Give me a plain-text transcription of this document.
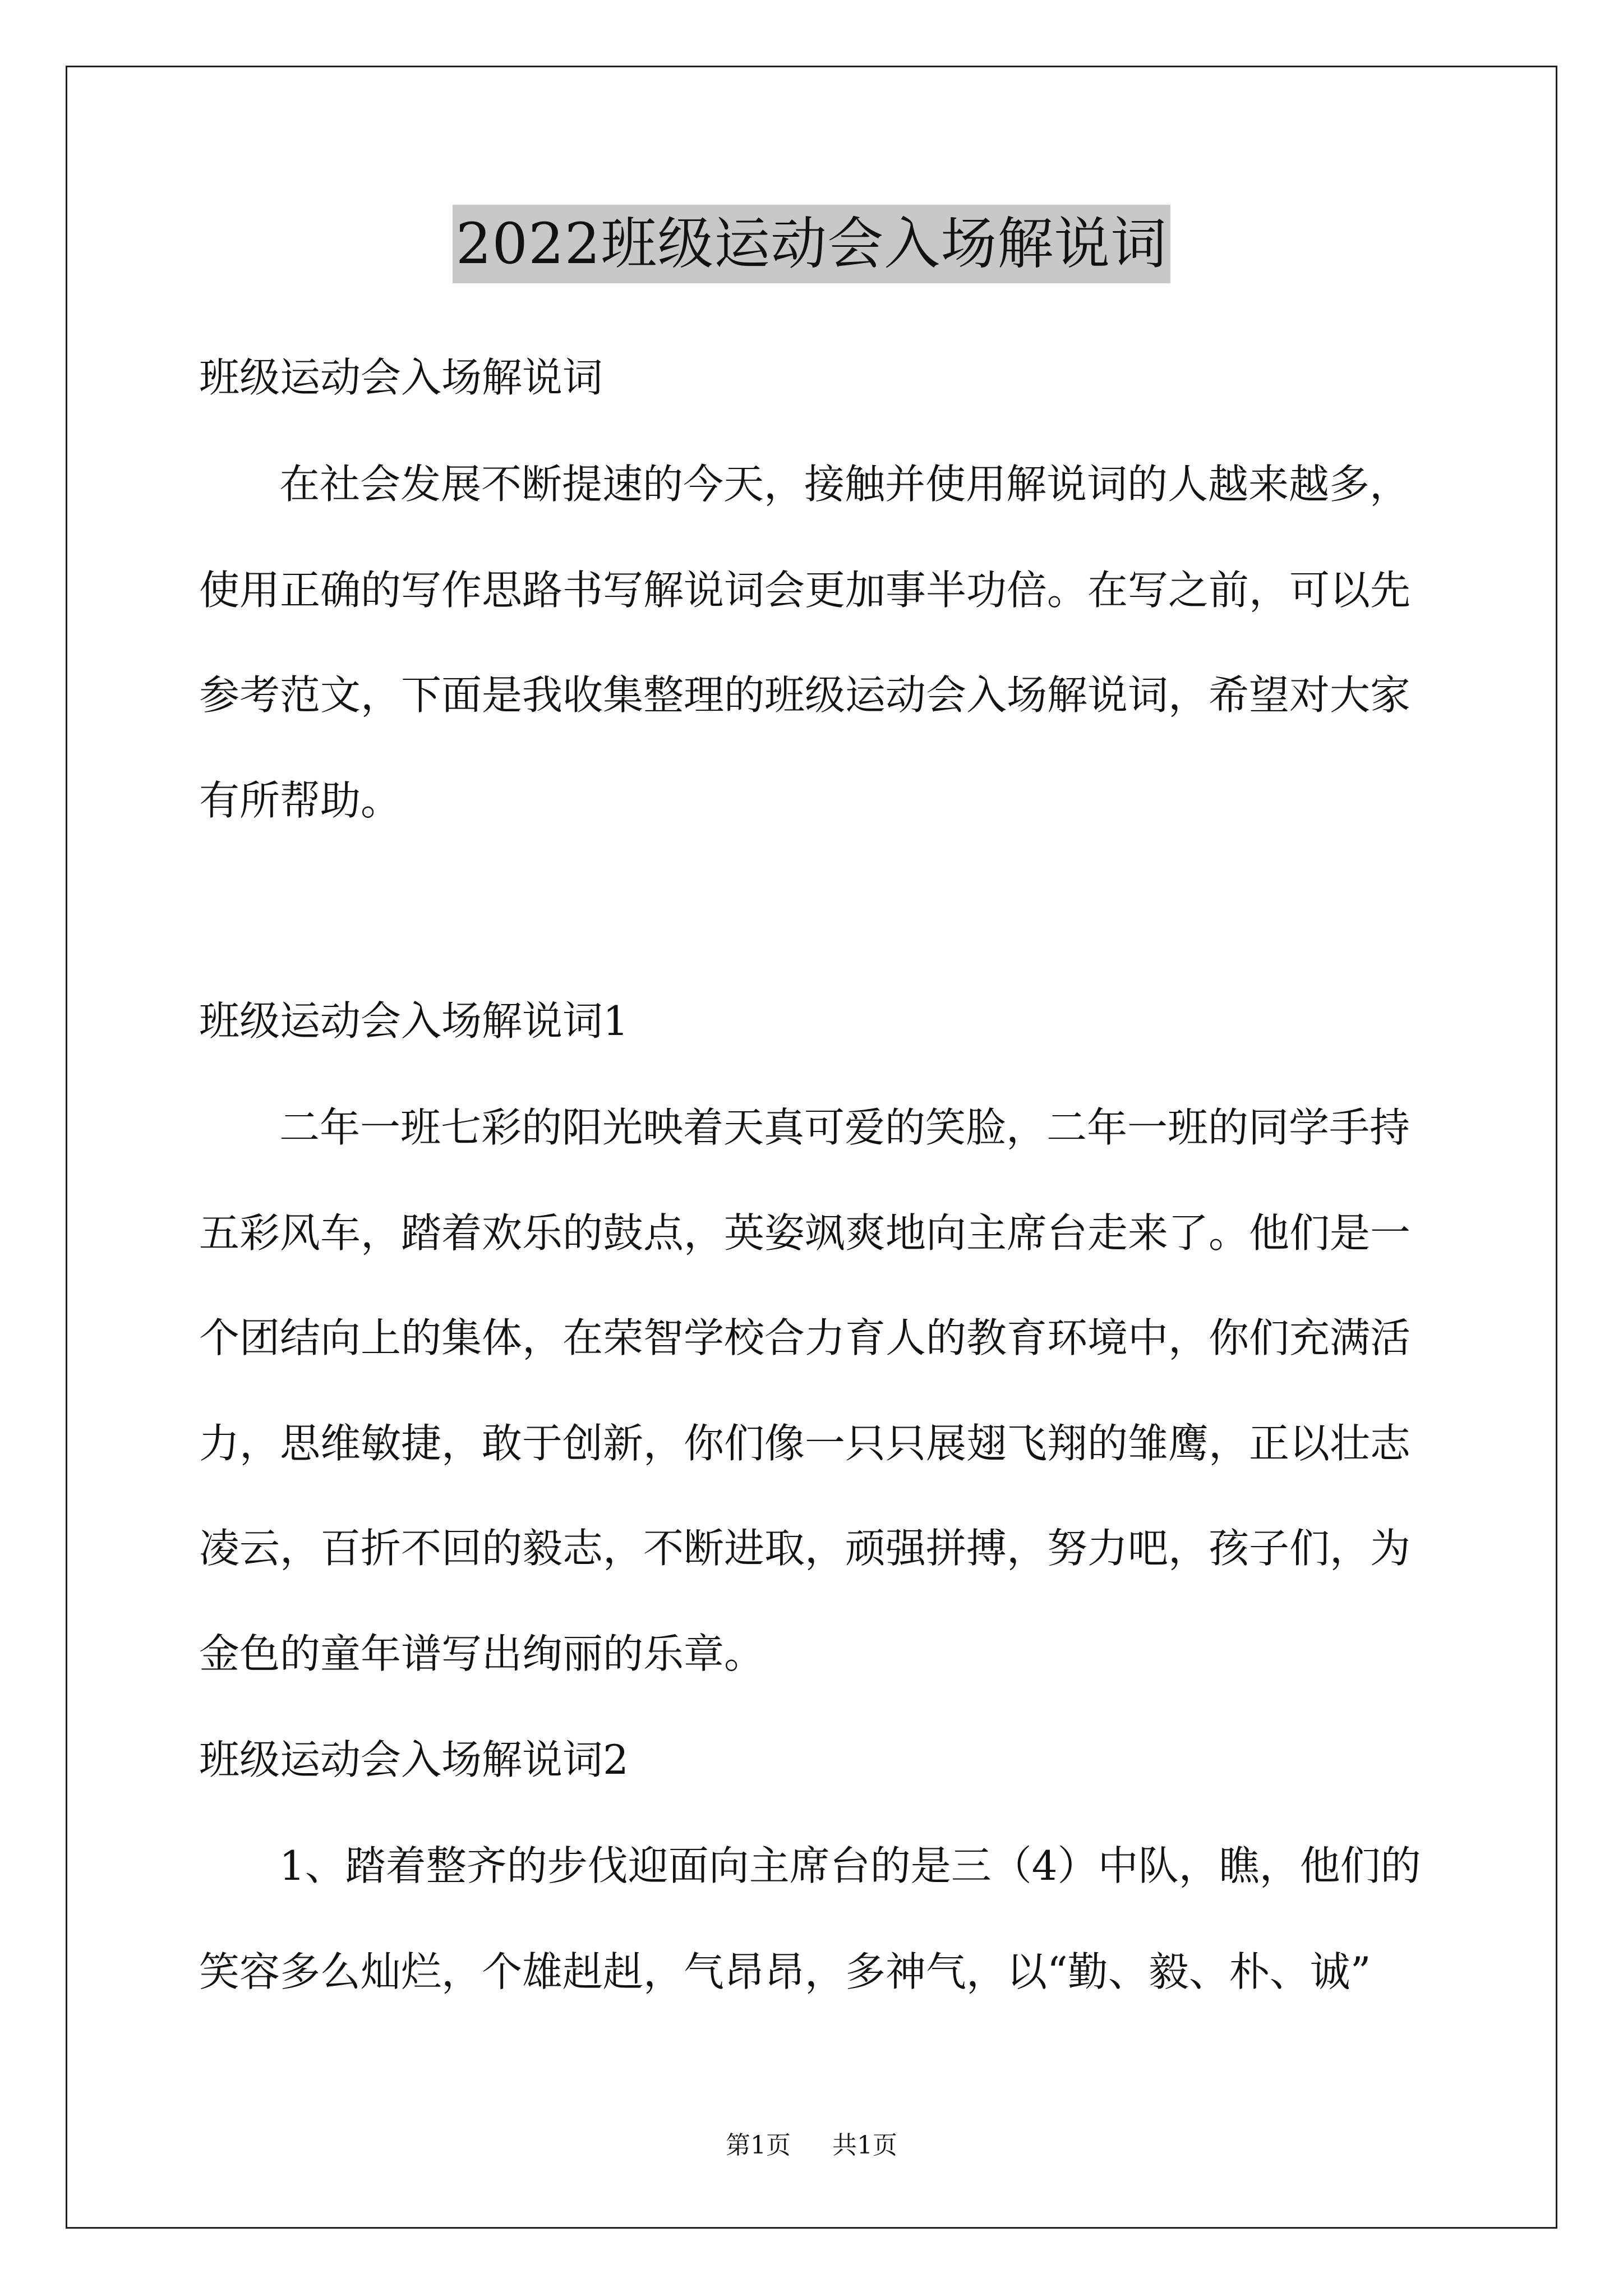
2022班级运动会入场解说词
班级运动会入场解说词
在社会发展不断提速的今天，接触并使用解说词的人越来越多，
使用正确的写作思路书写解说词会更加事半功倍。在写之前，可以先
参考范文，下面是我收集整理的班级运动会入场解说词，希望对大家
有所帮助。
班级运动会入场解说词1
二年一班七彩的阳光映着天真可爱的笑脸，二年一班的同学手持
五彩风车，踏着欢乐的鼓点，英姿飒爽地向主席台走来了。他们是一
个团结向上的集体，在荣智学校合力育人的教育环境中，你们充满活
力，思维敏捷，敢于创新，你们像一只只展翅飞翔的雏鹰，正以壮志
凌云，百折不回的毅志，不断进取，顽强拼搏，努力吧，孩子们，为
金色的童年谱写出绚丽的乐章。
班级运动会入场解说词2
1、踏着整齐的步伐迎面向主席台的是三（4）中队，瞧，他们的
笑容多么灿烂，个雄赳赳，气昂昂，多神气，以“勤、毅、朴、诚”
第1页 共1页
